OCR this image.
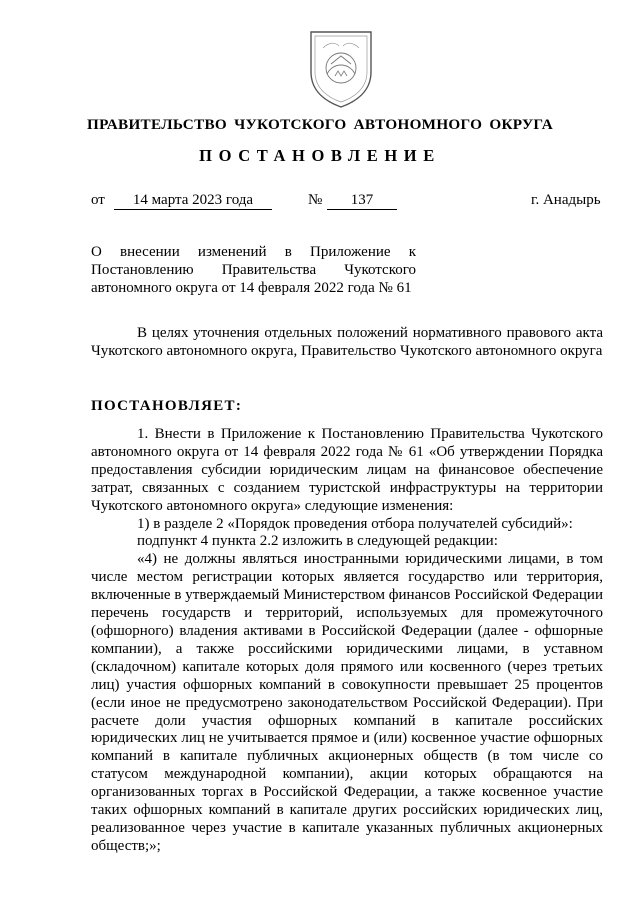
ПРАВИТЕЛЬСТВО ЧУКОТСКОГО АВТОНОМНОГО ОКРУГА
ПОСТАНОВЛЕНИЕ
от	14 марта 2023 года	№	137	г. Анадырь
О внесении изменений в Приложение к
Постановлению Правительства Чукотского
автономного округа от 14 февраля 2022 года № 61

В целях уточнения отдельных положений нормативного правового акта Чукотского автономного округа, Правительство Чукотского автономного округа

ПОСТАНОВЛЯЕТ:

1. Внести в Приложение к Постановлению Правительства Чукотского автономного округа от 14 февраля 2022 года № 61 «Об утверждении Порядка предоставления субсидии юридическим лицам на финансовое обеспечение затрат, связанных с созданием туристской инфраструктуры на территории Чукотского автономного округа» следующие изменения:

1) в разделе 2 «Порядок проведения отбора получателей субсидий»:

подпункт 4 пункта 2.2 изложить в следующей редакции:

«4) не должны являться иностранными юридическими лицами, в том числе местом регистрации которых является государство или территория, включенные в утверждаемый Министерством финансов Российской Федерации перечень государств и территорий, используемых для промежуточного (офшорного) владения активами в Российской Федерации (далее - офшорные компании), а также российскими юридическими лицами, в уставном (складочном) капитале которых доля прямого или косвенного (через третьих лиц) участия офшорных компаний в совокупности превышает 25 процентов (если иное не предусмотрено законодательством Российской Федерации). При расчете доли участия офшорных компаний в капитале российских юридических лиц не учитывается прямое и (или) косвенное участие офшорных компаний в капитале публичных акционерных обществ (в том числе со статусом международной компании), акции которых обращаются на организованных торгах в Российской Федерации, а также косвенное участие таких офшорных компаний в капитале других российских юридических лиц, реализованное через участие в капитале указанных публичных акционерных обществ;»;
